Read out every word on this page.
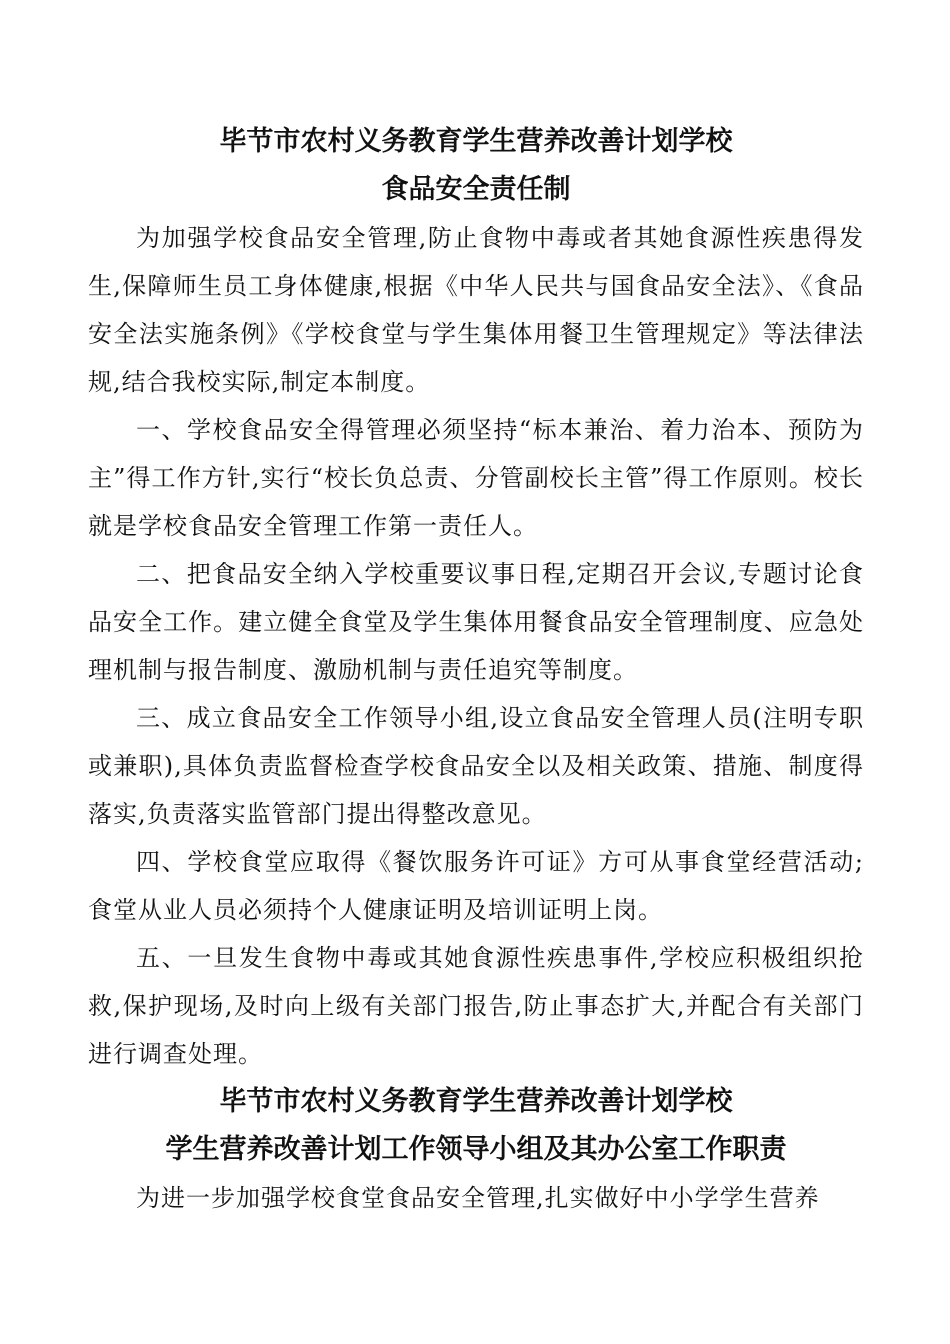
毕节市农村义务教育学生营养改善计划学校
食品安全责任制

为加强学校食品安全管理,防止食物中毒或者其她食源性疾患得发生,保障师生员工身体健康,根据《中华人民共与国食品安全法》、《食品安全法实施条例》《学校食堂与学生集体用餐卫生管理规定》等法律法规,结合我校实际,制定本制度。

一、学校食品安全得管理必须坚持“标本兼治、着力治本、预防为主”得工作方针,实行“校长负总责、分管副校长主管”得工作原则。校长就是学校食品安全管理工作第一责任人。

二、把食品安全纳入学校重要议事日程,定期召开会议,专题讨论食品安全工作。建立健全食堂及学生集体用餐食品安全管理制度、应急处理机制与报告制度、激励机制与责任追究等制度。

三、成立食品安全工作领导小组,设立食品安全管理人员(注明专职或兼职),具体负责监督检查学校食品安全以及相关政策、措施、制度得落实,负责落实监管部门提出得整改意见。

四、学校食堂应取得《餐饮服务许可证》方可从事食堂经营活动;食堂从业人员必须持个人健康证明及培训证明上岗。

五、一旦发生食物中毒或其她食源性疾患事件,学校应积极组织抢救,保护现场,及时向上级有关部门报告,防止事态扩大,并配合有关部门进行调查处理。

毕节市农村义务教育学生营养改善计划学校
学生营养改善计划工作领导小组及其办公室工作职责

为进一步加强学校食堂食品安全管理,扎实做好中小学学生营养
